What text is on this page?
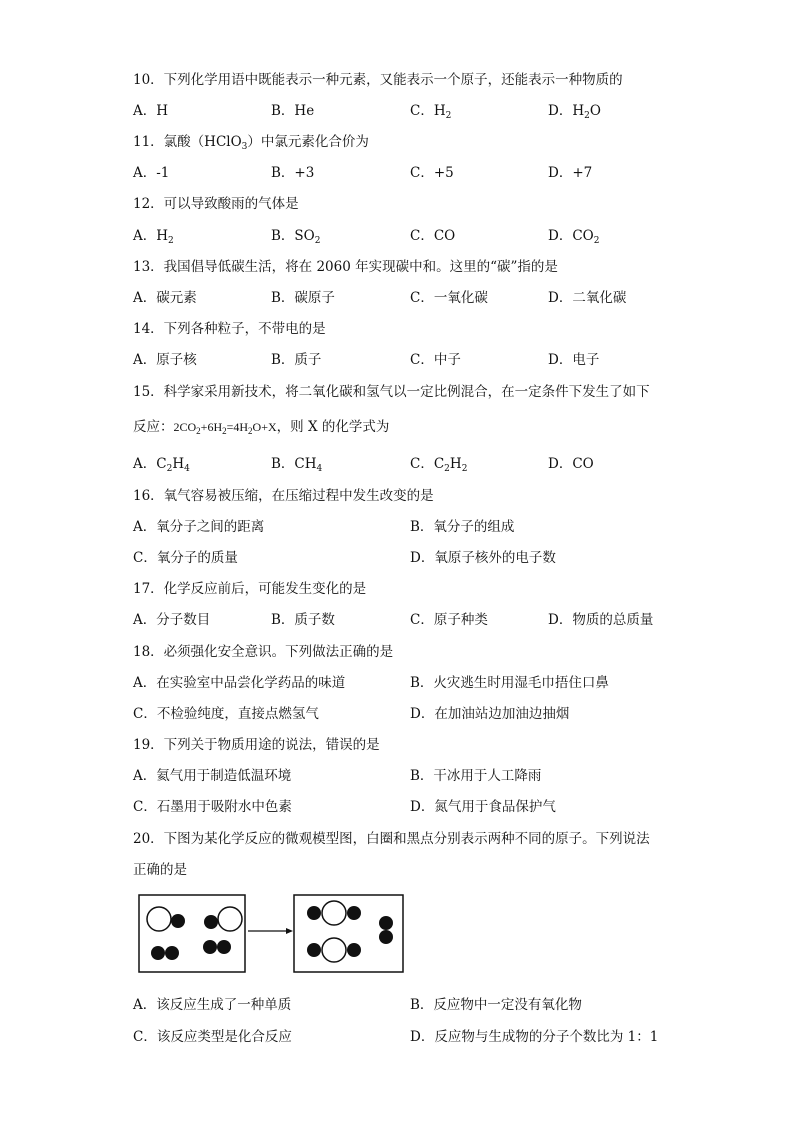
10．下列化学用语中既能表示一种元素，又能表示一个原子，还能表示一种物质的
A．H	B．He	C．$H_2$	D．$H_2O$
11．氯酸（HClO$_3$）中氯元素化合价为
A．-1	B．+3	C．+5	D．+7
12．可以导致酸雨的气体是
A．$H_2$	B．$SO_2$	C．CO	D．$CO_2$
13．我国倡导低碳生活，将在 2060 年实现碳中和。这里的“碳”指的是
A．碳元素	B．碳原子	C．一氧化碳	D．二氧化碳
14．下列各种粒子，不带电的是
A．原子核	B．质子	C．中子	D．电子
15．科学家采用新技术，将二氧化碳和氢气以一定比例混合，在一定条件下发生了如下
反应：$2CO_2+6H_2=4H_2O+X$，则 X 的化学式为
A．$C_2H_4$	B．$CH_4$	C．$C_2H_2$	D．CO
16．氧气容易被压缩，在压缩过程中发生改变的是
A．氧分子之间的距离	B．氧分子的组成
C．氧分子的质量	D．氧原子核外的电子数
17．化学反应前后，可能发生变化的是
A．分子数目	B．质子数	C．原子种类	D．物质的总质量
18．必须强化安全意识。下列做法正确的是
A．在实验室中品尝化学药品的味道	B．火灾逃生时用湿毛巾捂住口鼻
C．不检验纯度，直接点燃氢气	D．在加油站边加油边抽烟
19．下列关于物质用途的说法，错误的是
A．氦气用于制造低温环境	B．干冰用于人工降雨
C．石墨用于吸附水中色素	D．氮气用于食品保护气
20．下图为某化学反应的微观模型图，白圈和黑点分别表示两种不同的原子。下列说法
正确的是
A．该反应生成了一种单质	B．反应物中一定没有氧化物
C．该反应类型是化合反应	D．反应物与生成物的分子个数比为 1：1
